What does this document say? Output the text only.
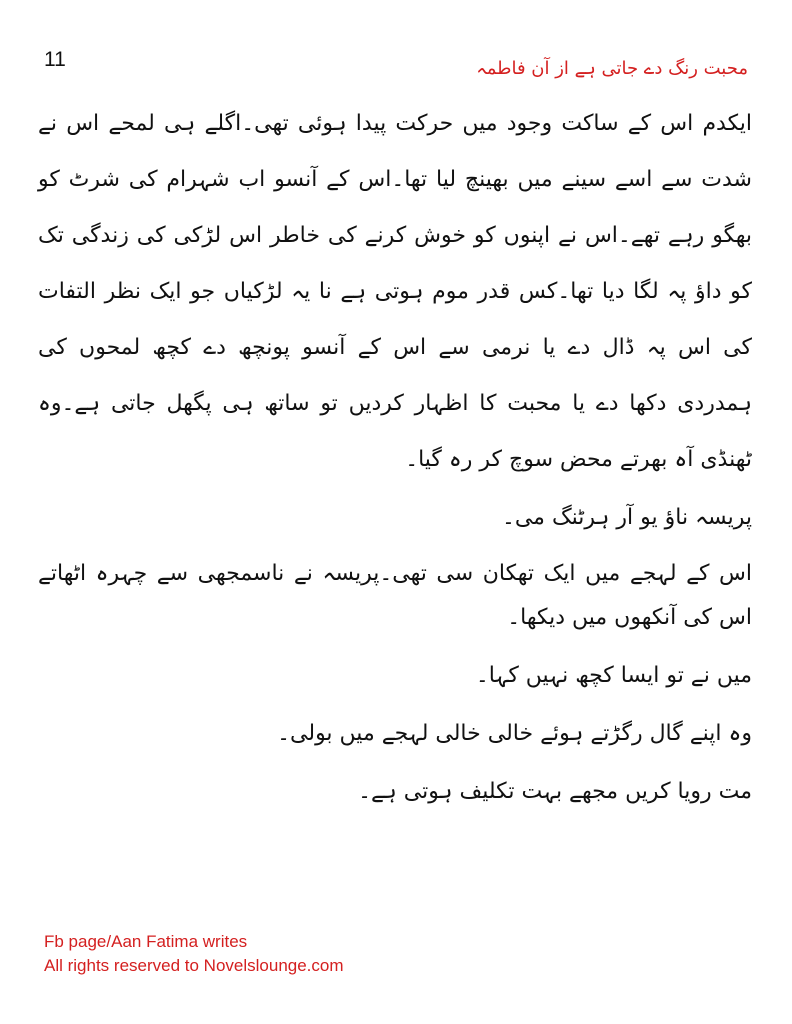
11	محبت رنگ دے جاتی ہے از آن فاطمہ

ایکدم اس کے ساکت وجود میں حرکت پیدا ہوئی تھی۔اگلے ہی لمحے اس نے شدت سے اسے سینے میں بھینچ لیا تھا۔اس کے آنسو اب شہرام کی شرٹ کو بھگو رہے تھے۔اس نے اپنوں کو خوش کرنے کی خاطر اس لڑکی کی زندگی تک کو داؤ پہ لگا دیا تھا۔کس قدر موم ہوتی ہے نا یہ لڑکیاں جو ایک نظر التفات کی اس پہ ڈال دے یا نرمی سے اس کے آنسو پونچھ دے کچھ لمحوں کی ہمدردی دکھا دے یا محبت کا اظہار کردیں تو ساتھ ہی پگھل جاتی ہے۔وہ ٹھنڈی آہ بھرتے محض سوچ کر رہ گیا۔

پریسہ ناؤ یو آر ہرٹنگ می۔

اس کے لہجے میں ایک تھکان سی تھی۔پریسہ نے ناسمجھی سے چہرہ اٹھاتے اس کی آنکھوں میں دیکھا۔

میں نے تو ایسا کچھ نہیں کہا۔

وہ اپنے گال رگڑتے ہوئے خالی خالی لہجے میں بولی۔

مت رویا کریں مجھے بہت تکلیف ہوتی ہے۔

Fb page/Aan Fatima writes
All rights reserved to Novelslounge.com
